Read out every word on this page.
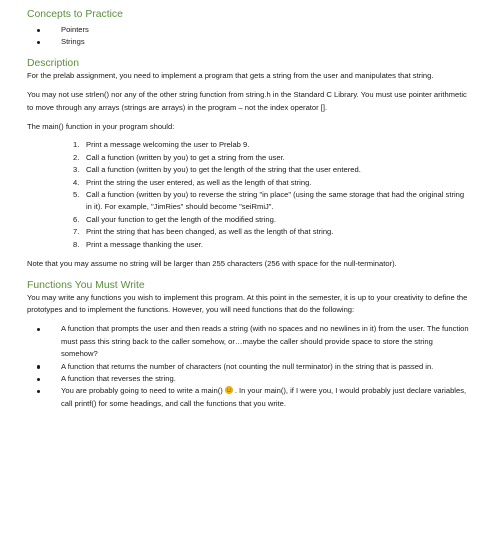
Concepts to Practice
Pointers
Strings
Description

For the prelab assignment, you need to implement a program that gets a string from the user and manipulates that string.

You may not use strlen() nor any of the other string function from string.h in the Standard C Library. You must use pointer arithmetic to move through any arrays (strings are arrays) in the program – not the index operator [].

The main() function in your program should:

1. Print a message welcoming the user to Prelab 9.
2. Call a function (written by you) to get a string from the user.
3. Call a function (written by you) to get the length of the string that the user entered.
4. Print the string the user entered, as well as the length of that string.
5. Call a function (written by you) to reverse the string "in place" (using the same storage that had the original string in it). For example, "JimRies" should become "seiRmiJ".
6. Call your function to get the length of the modified string.
7. Print the string that has been changed, as well as the length of that string.
8. Print a message thanking the user.

Note that you may assume no string will be larger than 255 characters (256 with space for the null-terminator).

Functions You Must Write

You may write any functions you wish to implement this program. At this point in the semester, it is up to your creativity to define the prototypes and to implement the functions. However, you will need functions that do the following:

A function that prompts the user and then reads a string (with no spaces and no newlines in it) from the user. The function must pass this string back to the caller somehow, or…maybe the caller should provide space to store the string somehow?
A function that returns the number of characters (not counting the null terminator) in the string that is passed in.
A function that reverses the string.
You are probably going to need to write a main() . In your main(), if I were you, I would probably just declare variables, call printf() for some headings, and call the functions that you write.
